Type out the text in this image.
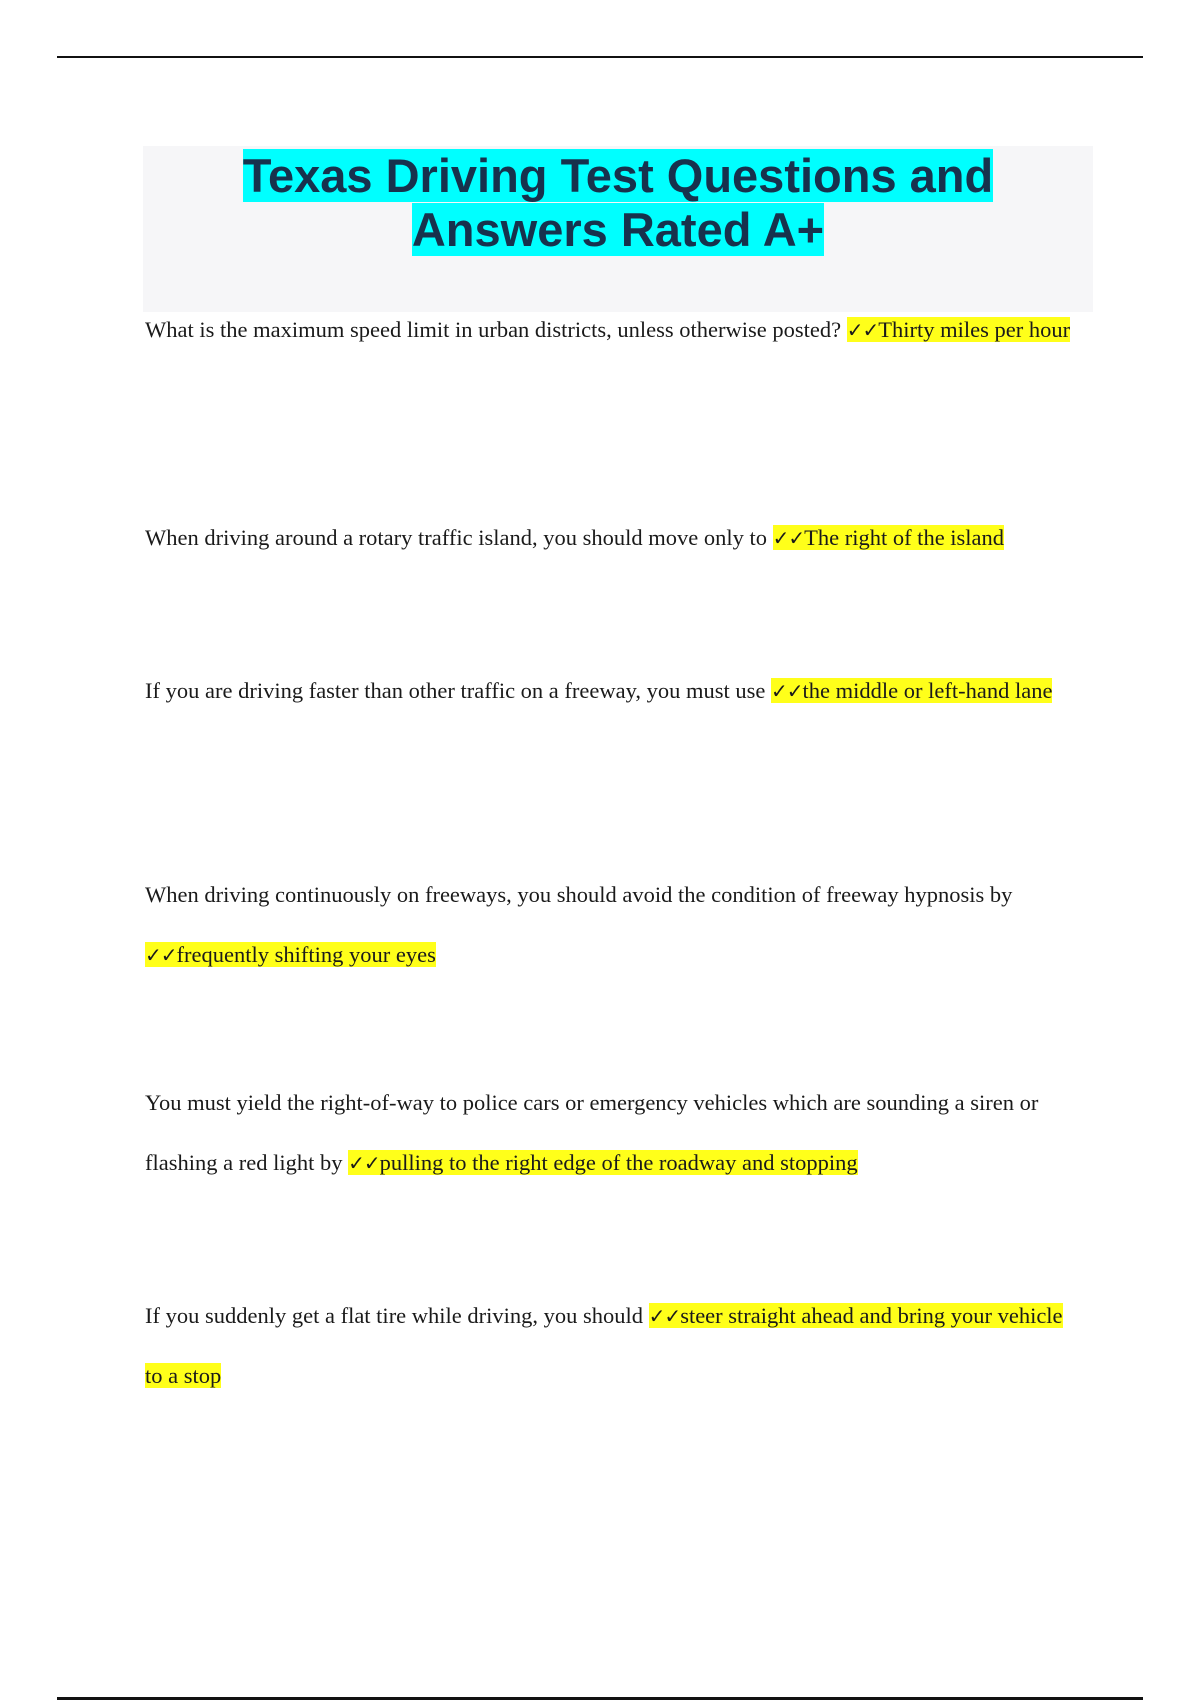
Texas Driving Test Questions and Answers Rated A+

What is the maximum speed limit in urban districts, unless otherwise posted? ✓✓Thirty miles per hour

When driving around a rotary traffic island, you should move only to ✓✓The right of the island

If you are driving faster than other traffic on a freeway, you must use ✓✓the middle or left-hand lane

When driving continuously on freeways, you should avoid the condition of freeway hypnosis by ✓✓frequently shifting your eyes

You must yield the right-of-way to police cars or emergency vehicles which are sounding a siren or flashing a red light by ✓✓pulling to the right edge of the roadway and stopping

If you suddenly get a flat tire while driving, you should ✓✓steer straight ahead and bring your vehicle to a stop
